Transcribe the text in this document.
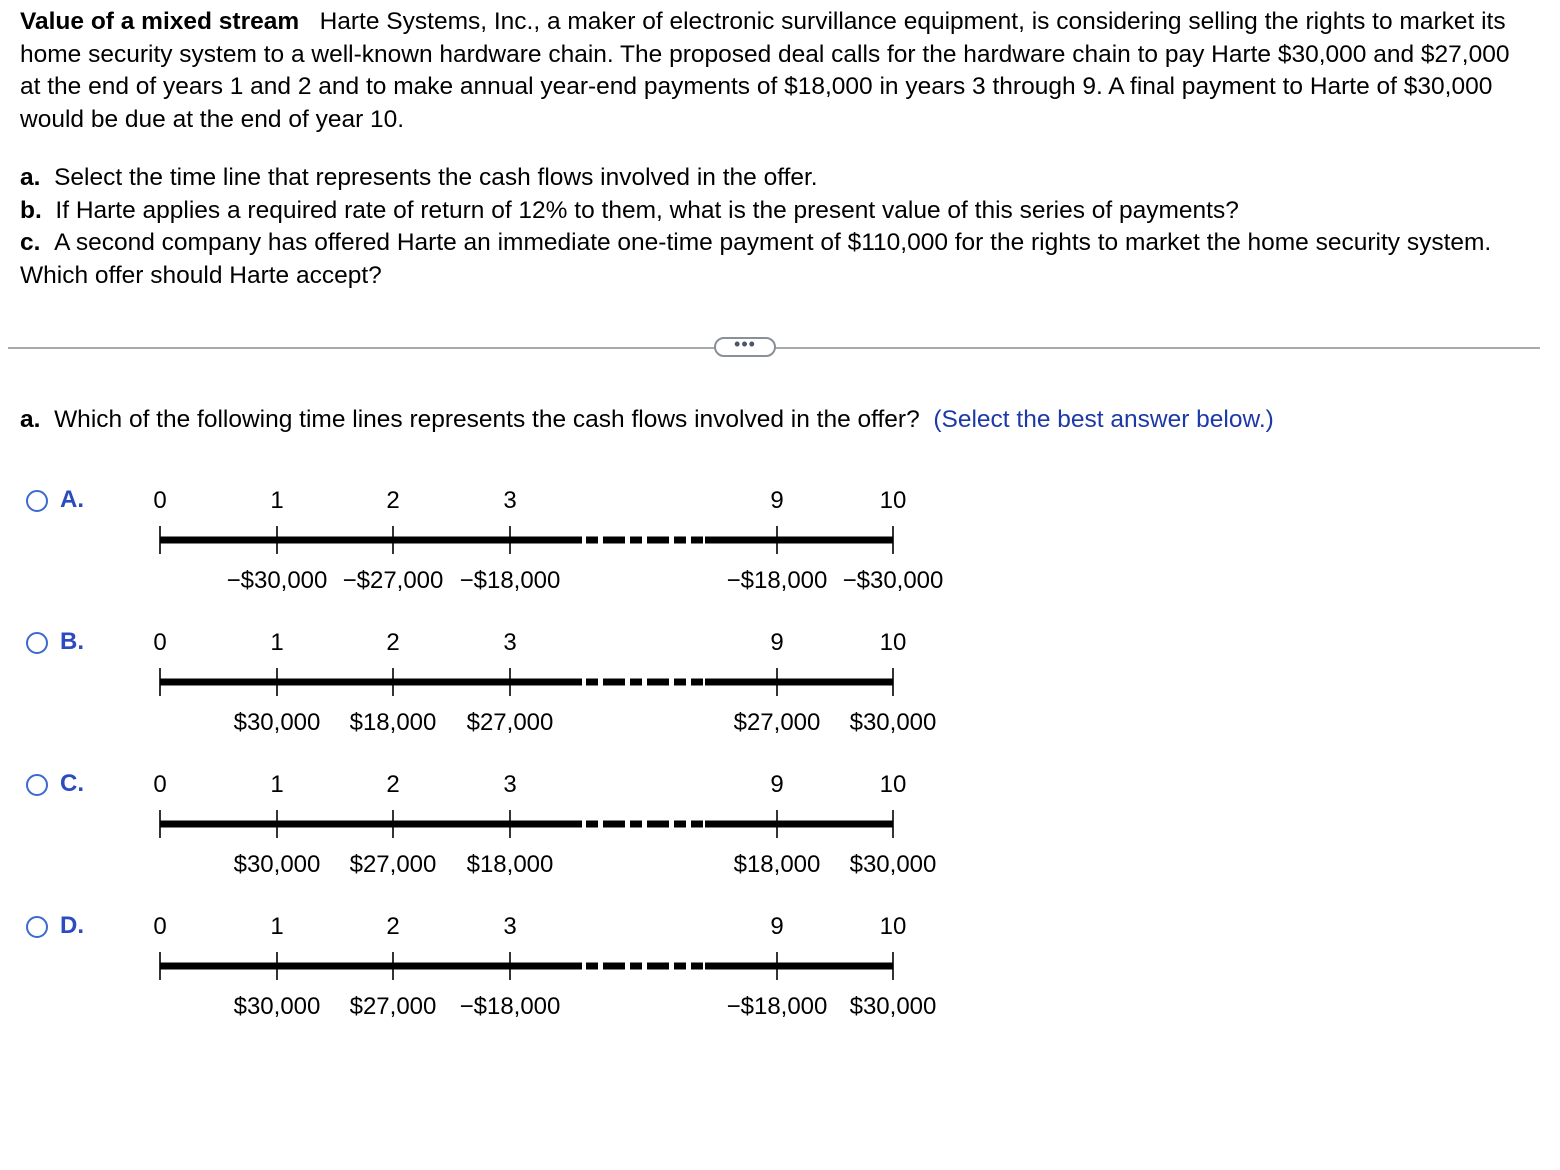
Value of a mixed stream Harte Systems, Inc., a maker of electronic survillance equipment, is considering selling the rights to market its home security system to a well-known hardware chain. The proposed deal calls for the hardware chain to pay Harte $30,000 and $27,000 at the end of years 1 and 2 and to make annual year-end payments of $18,000 in years 3 through 9. A final payment to Harte of $30,000 would be due at the end of year 10.
a. Select the time line that represents the cash flows involved in the offer.
b. If Harte applies a required rate of return of 12% to them, what is the present value of this series of payments?
c. A second company has offered Harte an immediate one-time payment of $110,000 for the rights to market the home security system. Which offer should Harte accept?
•••
a. Which of the following time lines represents the cash flows involved in the offer? (Select the best answer below.)
A.	0	1	2	3	9	10
−$30,000 −$27,000 −$18,000	−$18,000 −$30,000
B.	0	1	2	3	9	10
$30,000 $18,000 $27,000	$27,000 $30,000
C.	0	1	2	3	9	10
$30,000 $27,000 $18,000	$18,000 $30,000
D.	0	1	2	3	9	10
$30,000 $27,000 −$18,000	−$18,000 $30,000
